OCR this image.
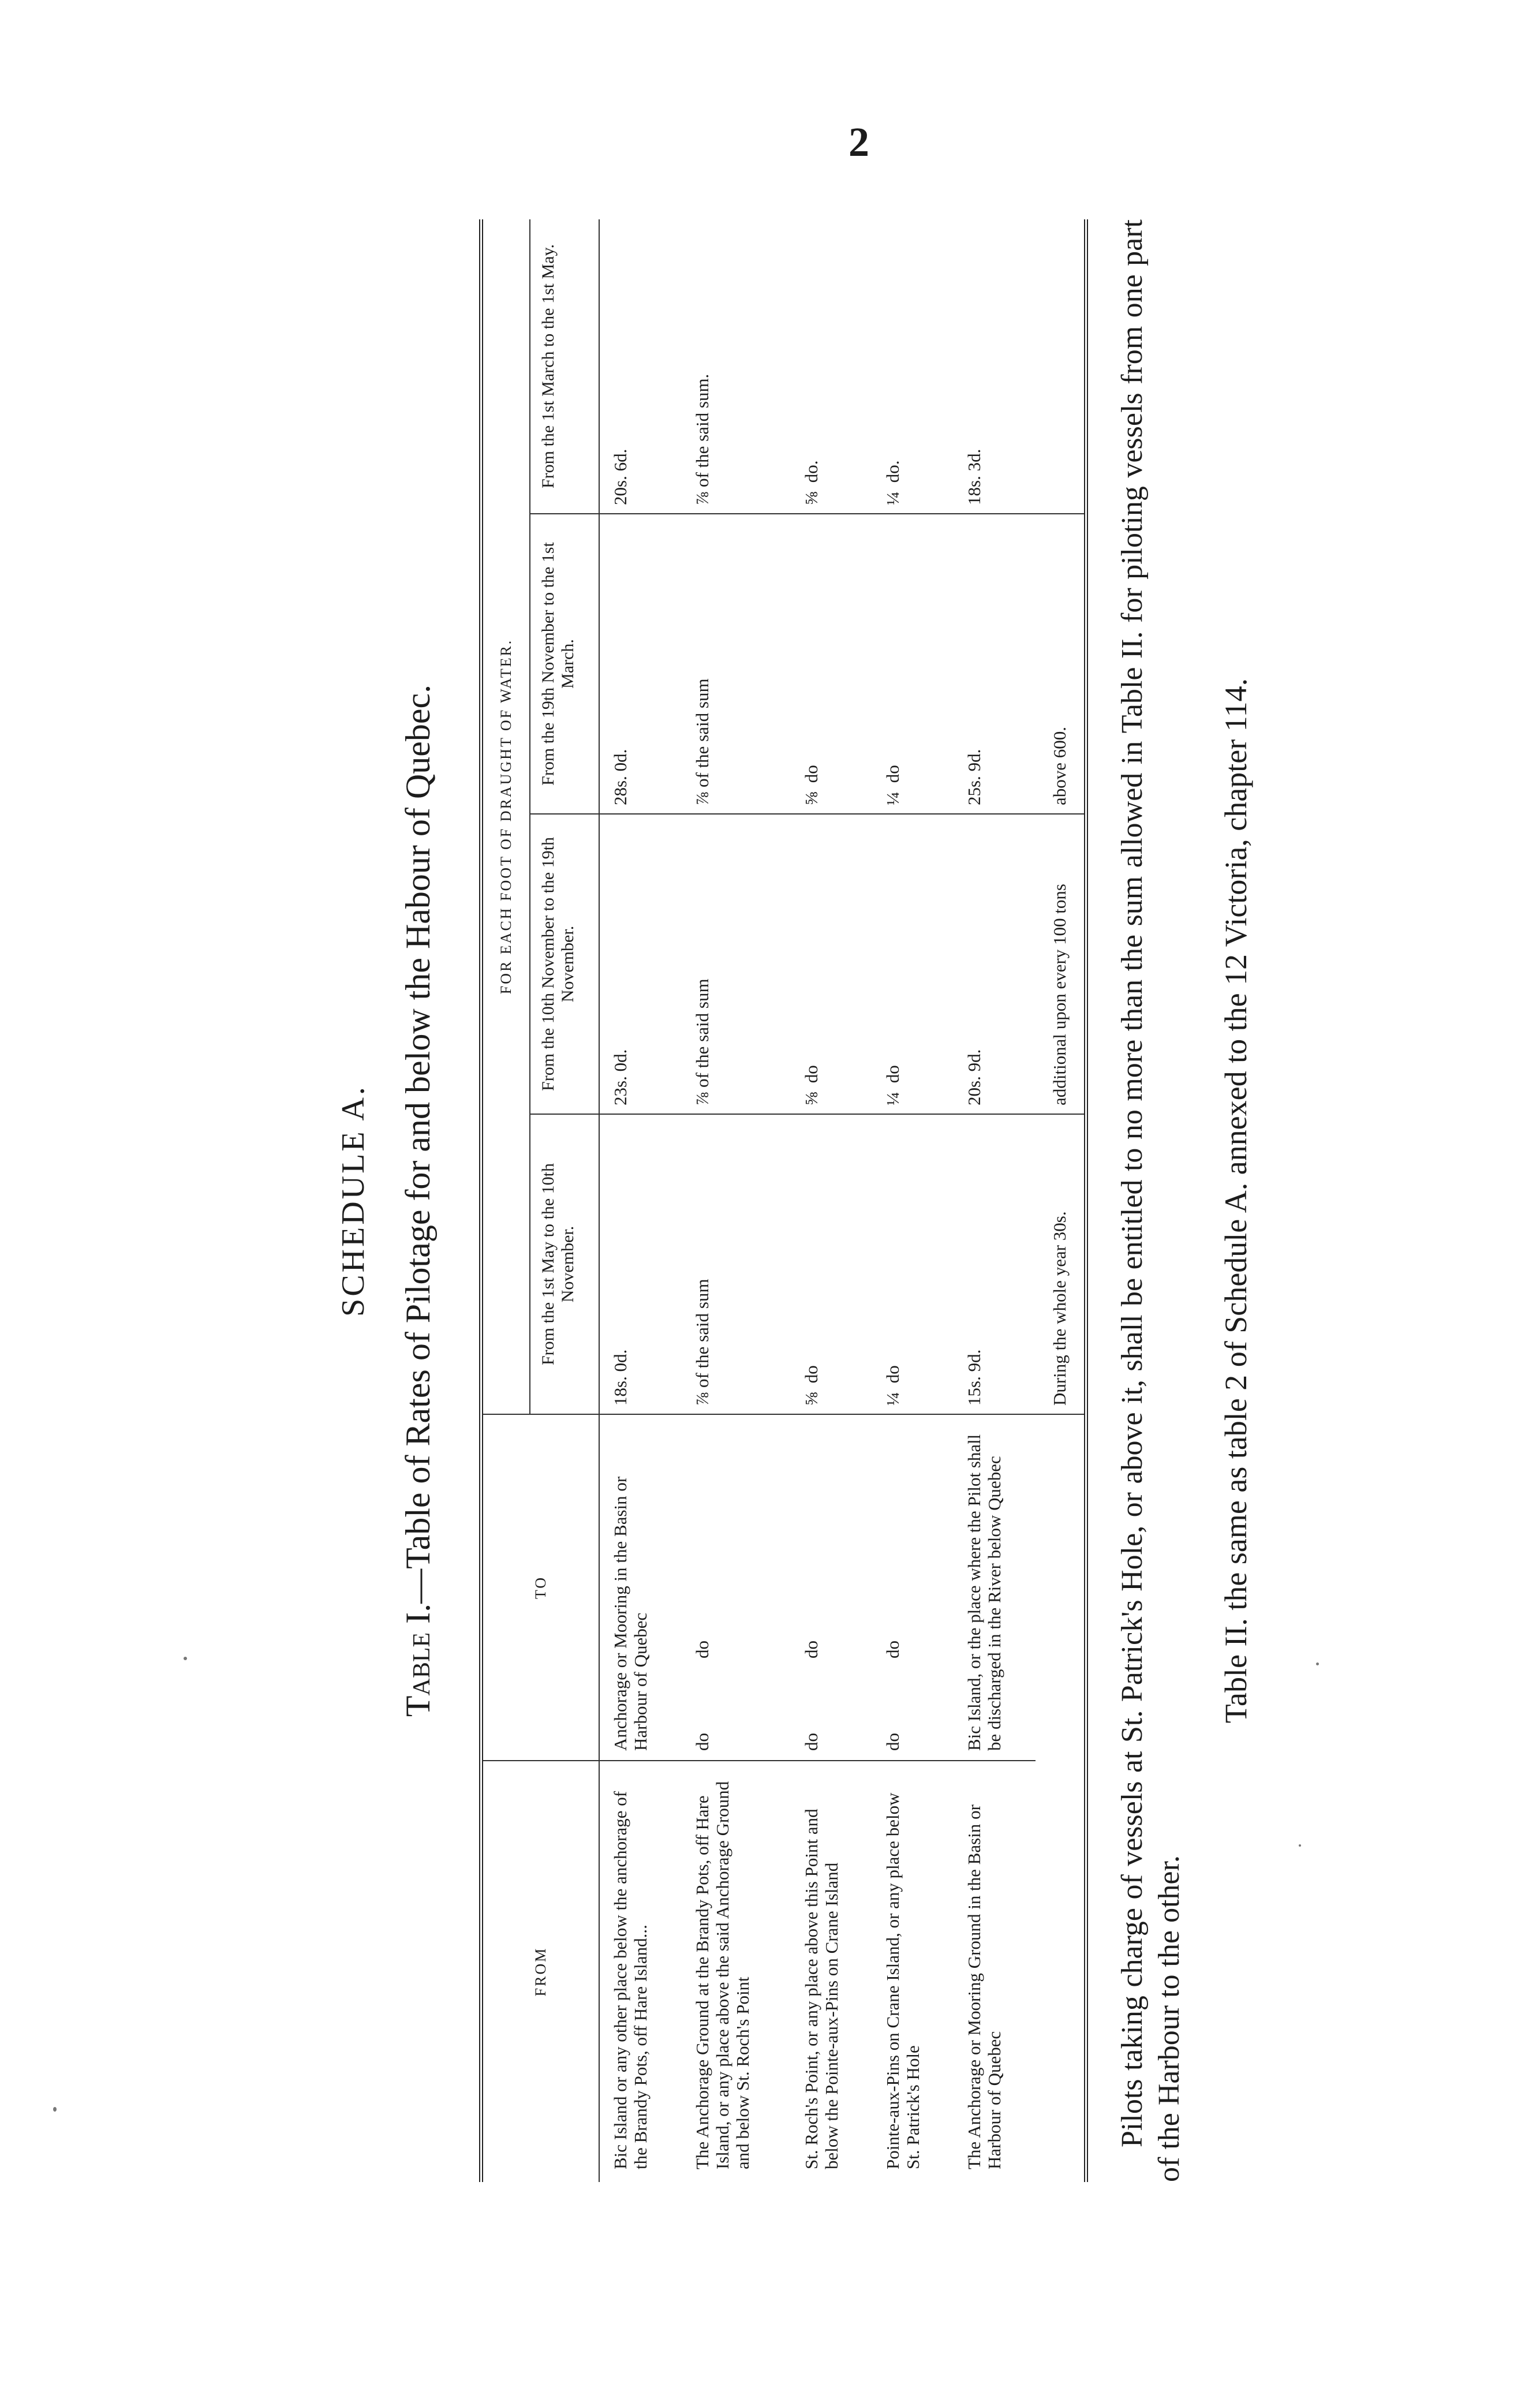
2
SCHEDULE A.
Table I.—Table of Rates of Pilotage for and below the Habour of Quebec.
FROM	TO	FOR EACH FOOT OF DRAUGHT OF WATER.			
		From the 1st May to the 10th November.	From the 10th November to the 19th November.	From the 19th November to the 1st March.	From the 1st March to the 1st May.
Bic Island or any other place below the anchorage of the Brandy Pots, off Hare Island...	Anchorage or Mooring in the Basin or Harbour of Quebec	18s. 0d.	23s. 0d.	28s. 0d.	20s. 6d.
The Anchorage Ground at the Brandy Pots, off Hare Island, or any place above the said Anchorage Ground and below St. Roch's Point	dodo	⅞ of the said sum	⅞ of the said sum	⅞ of the said sum	⅞ of the said sum.
St. Roch's Point, or any place above this Point and below the Pointe-aux-Pins on Crane Island	dodo	⅝  do	⅝  do	⅝  do	⅝  do.
Pointe-aux-Pins on Crane Island, or any place below St. Patrick's Hole	dodo	¼  do	¼  do	¼  do	¼  do.
The Anchorage or Mooring Ground in the Basin or Harbour of Quebec	Bic Island, or the place where the Pilot shall be discharged in the River below Quebec	15s. 9d.	20s. 9d.	25s. 9d.	18s. 3d.
		During the whole year 30s.	additional upon every 100 tons	above 600.	Pilots taking charge of vessels at St. Patrick's Hole, or above it, shall be entitled to no more than the sum allowed in Table II. for piloting vessels from one part of the Harbour to the other.
Table II. the same as table 2 of Schedule A. annexed to the 12 Victoria, chapter 114.
